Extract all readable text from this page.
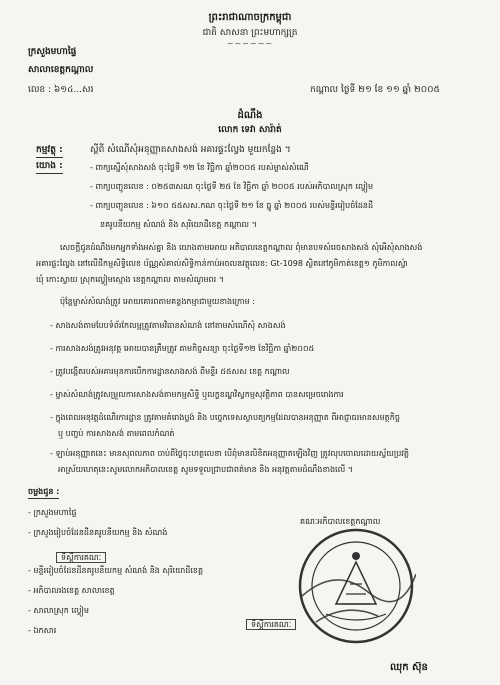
ព្រះរាជាណាចក្រកម្ពុជា
ជាតិ សាសនា ព្រះមហាក្សត្រ
~~~~~~
ក្រសួងមហាផ្ទៃ
សាលាខេត្តកណ្តាល
លេខ : ៦១៤...សរ	កណ្តាល ថ្ងៃទី ២១ ខែ ១១ ឆ្នាំ ២០០៥
ដំណឹង
លោក ទេវា សារ៉ាត់
កម្មវត្ថុ :	ស្តីពី សំណើសុំអនុញ្ញាតសាងសង់ អគារផ្ទះល្វែង មួយកន្លែង ។
យោង :
-	ពាក្យស្នើសុំសាងសង់ ចុះថ្ងៃទី ១២ ខែ វិច្ឆិកា ឆ្នាំ២០០៥ របស់ម្ចាស់សំណើ
- ពាក្យបញ្ជូនលេខ : ០២៥៣សណ ចុះថ្ងៃទី ២៥ ខែ វិច្ឆិកា ឆ្នាំ ២០០៥ របស់អភិបាលស្រុក ល្វៀម
- ពាក្យបញ្ជូនលេខ : ៦១០ ៥៥សស.កណ ចុះថ្ងៃទី ២១ ខែ ធ្នូ ឆ្នាំ ២០០៥ របស់មន្ទីររៀបចំដែនដី
នគរូបនីយកម្ម សំណង់ និង សុរិយោដីខេត្ត កណ្តាល ។
សេចក្តីជូនដំណឹងមកអ្នកទាំងអស់គ្នា និង យោងតាមអោយ អភិបាលខេត្តកណ្តាល ពុំមានបទសំរេចសាងសង់ សុំអើសុំសាងសង់
អគារផ្ទះល្វែង នៅលើដីកម្មសិទ្ធិលេខ ប័ណ្ណសំគាល់សិទ្ធិកាន់កាប់អចលនវត្ថុលេខ: Gt-1098 ស្ថិតនៅភូមិកាត់ខេត្ត១ ភូមិកាលស្វ៉ា
ឃុំ កោះស្វាយ ស្រុកល្វៀមស្មោង ខេត្តកណ្តាល តាមសំណូមពរ ។
ប៉ុន្តែម្ចាស់សំណង់ត្រូវ អោយគោរពតាមគន្លងកម្មាជាមួយខាងក្រោម :
- សាងសង់តាមបែបទំព័រកែលម្អត្រូវតាមវិធានសំណង់ នៅតាមសំណើសុំ សាងសង់
- ការសាងសង់ត្រូវអនុវត្ត អោយបានត្រឹមត្រូវ តាមកិច្ចសន្យា ចុះថ្ងៃទី១២ ខែវិច្ឆិកា ឆ្នាំ២០០៥
- ត្រូវបង្កើតរបស់អគារមុនការបើកការដ្ឋានសាងសង់ ពីមន្ទីរ ៥៥សស ខេត្ត កណ្តាល
- ម្ចាស់សំណង់ត្រូវសម្រួលការសាងសង់តាមកម្មសិទ្ធិ ឬលក្ខខណ្ឌវិស្វកម្មសុវត្ថិភាព បានសម្រេចរោងការ
- ក្នុងពេលអនុវត្តដំណើរការដ្ឋាន ត្រូវតាមគំរោងប្លង់ និង បច្ចេកទេសស្ថាបត្យកម្មដែលបានអនុញ្ញាត ពីអាជ្ញាធរមានសមត្ថកិច្ច
ឬ បញ្ចប់ ការសាងសង់ តាមពេលកំណត់
- ឡាប់អនុញ្ញាតនេះ មានសុពលភាព ចាប់ពីថ្ងៃចុះហត្ថលេខា បើពុំមានលិខិតអនុញ្ញាតឡើងវិញ ត្រូវលុបចោលដោយស្វ័យប្រវត្តិ
អាស្រ័យហេតុនេះសូមលោកអភិបាលខេត្ត សូមទទួលជ្រាបជាពត៌មាន និង អនុវត្តតាមដំណឹងខាងលើ ។
ចម្លងជូន :
- ក្រសួងមហាផ្ទៃ
- ក្រសួងរៀបចំដែនដីនគរូបនីយកម្ម និង សំណង់
ទីស្តីការគណៈ
- មន្ទីររៀបចំដែនដីនគរូបនីយកម្ម សំណង់ និង សុរិយោដីខេត្ត
- អភិបាលរងខេត្ត សាលាខេត្ត
- សាលាស្រុក ល្វៀម
- ឯកសារ
គណៈអភិបាលខេត្តកណ្តាល
ទីស្តីការគណៈ
ឈុក ស៊ុន
